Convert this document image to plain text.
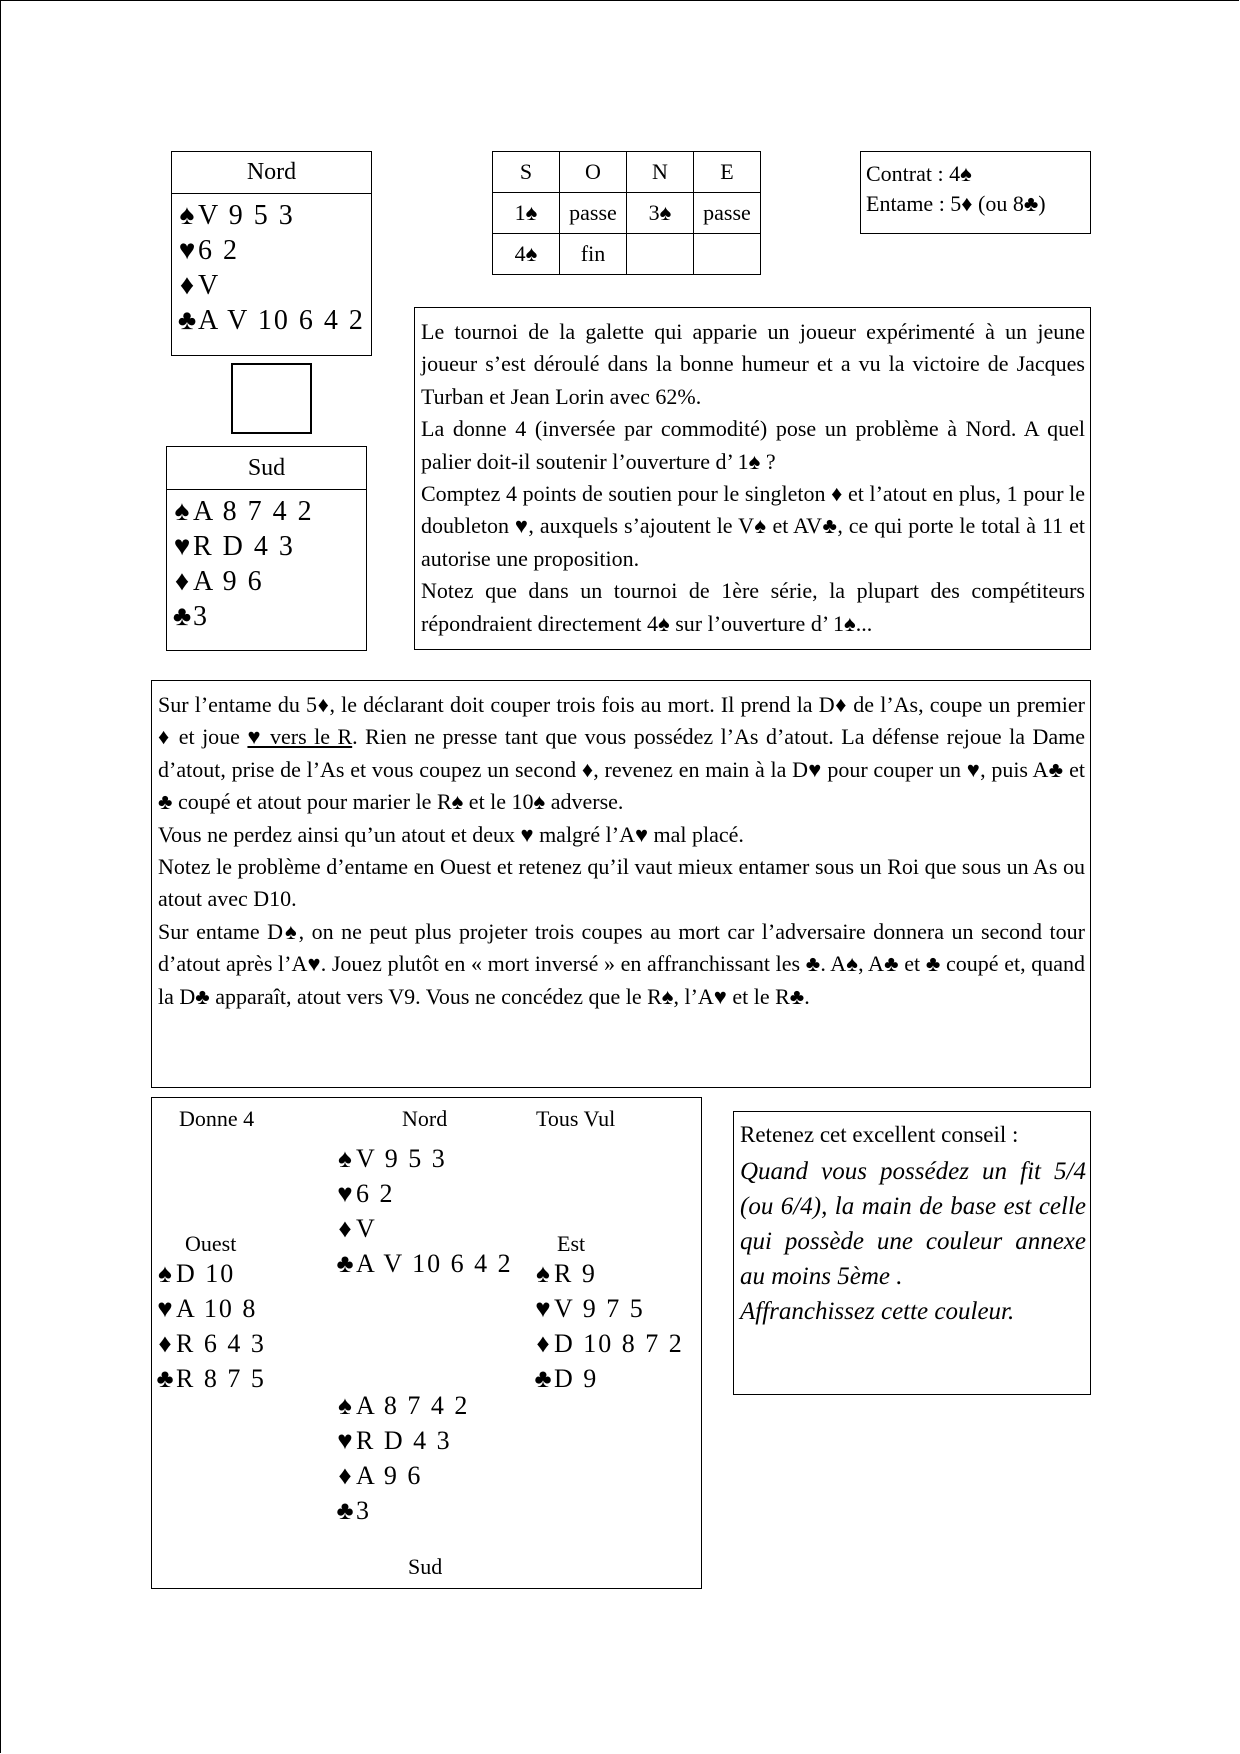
Nord
♠ V 9 5 3
♥6 2
♦ V
♣A V 10 6 4 2
Sud
♠ A 8 7 4 2
♥R D 4 3
♦ A 9 6
♣3
S	O	N	E
1♠	passe	3♠	passe
4♠	fin		
Contrat : 4♠
Entame : 5♦ (ou 8♣)

Le tournoi de la galette qui apparie un joueur expérimenté à un jeune joueur s’est déroulé dans la bonne humeur et a vu la victoire de Jacques Turban et Jean Lorin avec 62%.

La donne 4 (inversée par commodité) pose un problème à Nord. A quel palier doit-il soutenir l’ouverture d’ 1♠ ?

Comptez 4 points de soutien pour le singleton ♦ et l’atout en plus, 1 pour le doubleton ♥, auxquels s’ajoutent le V♠ et AV♣, ce qui porte le total à 11 et autorise une proposition.

Notez que dans un tournoi de 1ère série, la plupart des compétiteurs répondraient directement 4♠ sur l’ouverture d’ 1♠...

Sur l’entame du 5♦, le déclarant doit couper trois fois au mort. Il prend la D♦ de l’As, coupe un premier ♦ et joue ♥ vers le R. Rien ne presse tant que vous possédez l’As d’atout. La défense rejoue la Dame d’atout, prise de l’As et vous coupez un second ♦, revenez en main à la D♥ pour couper un ♥, puis A♣ et ♣ coupé et atout pour marier le R♠ et le 10♠ adverse.

Vous ne perdez ainsi qu’un atout et deux ♥ malgré l’A♥ mal placé.

Notez le problème d’entame en Ouest et retenez qu’il vaut mieux entamer sous un Roi que sous un As ou atout avec D10.

Sur entame D♠, on ne peut plus projeter trois coupes au mort car l’adversaire donnera un second tour d’atout après l’A♥. Jouez plutôt en « mort inversé » en affranchissant les ♣. A♠, A♣ et ♣ coupé et, quand la D♣ apparaît, atout vers V9. Vous ne concédez que le R♠, l’A♥ et le R♣.

Donne 4	Nord	Tous Vul
♠ V 9 5 3
♥ 6 2
♦ V
♣A V 10 6 4 2
Ouest	Est
♠ D 10
♥ A 10 8
♦ R 6 4 3
♣R 8 7 5
♠ R 9
♥ V 9 7 5
♦ D 10 8 7 2
♣D 9
♠ A 8 7 4 2
♥ R D 4 3
♦ A 9 6
♣3
Sud
Retenez cet excellent conseil :
Quand vous possédez un fit 5/4 (ou 6/4), la main de base est celle qui possède une couleur annexe au moins 5ème .
Affranchissez cette couleur.
